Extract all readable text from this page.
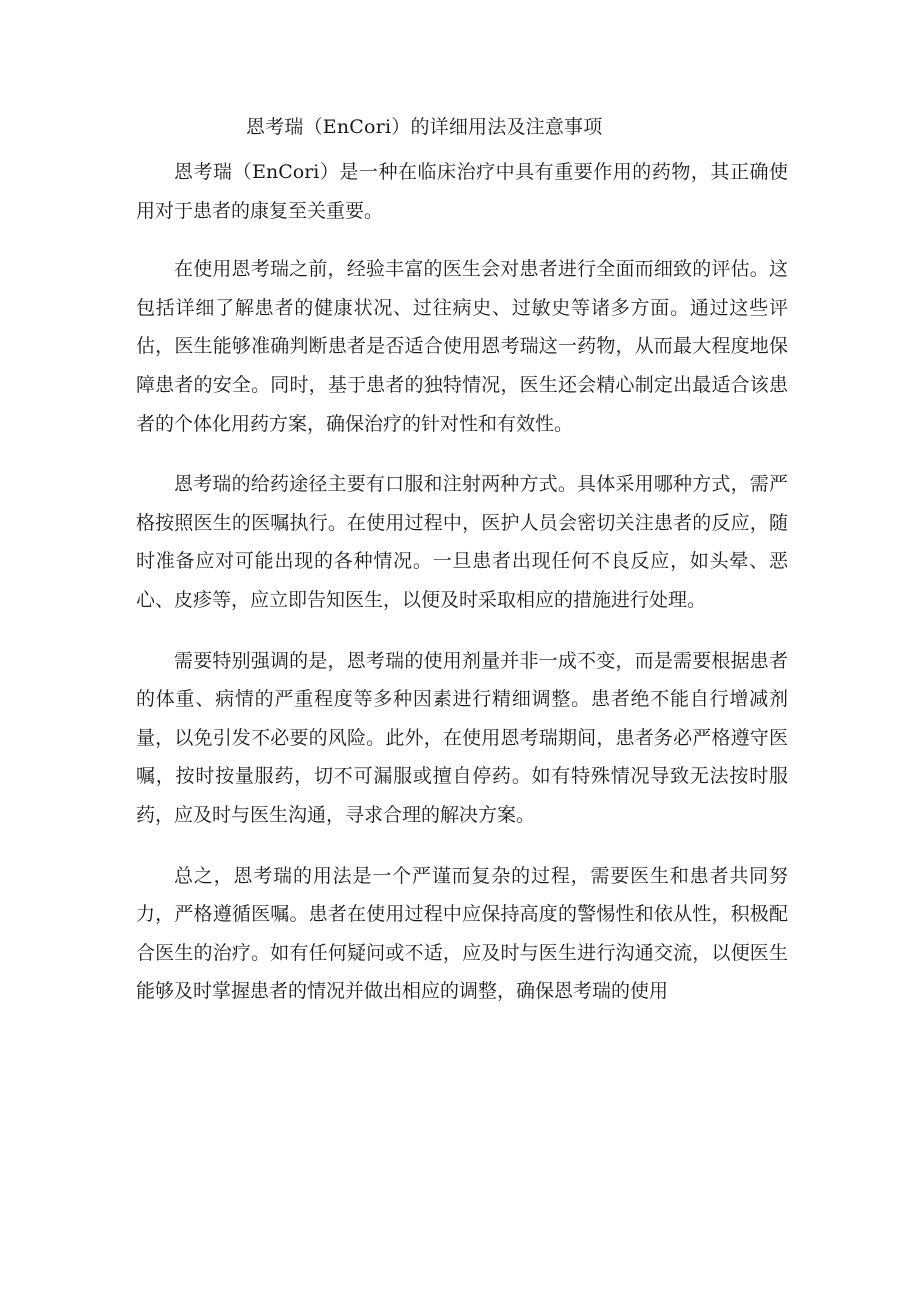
恩考瑞（EnCori）的详细用法及注意事项

恩考瑞（EnCori）是一种在临床治疗中具有重要作用的药物，其正确使用对于患者的康复至关重要。

在使用恩考瑞之前，经验丰富的医生会对患者进行全面而细致的评估。这包括详细了解患者的健康状况、过往病史、过敏史等诸多方面。通过这些评估，医生能够准确判断患者是否适合使用恩考瑞这一药物，从而最大程度地保障患者的安全。同时，基于患者的独特情况，医生还会精心制定出最适合该患者的个体化用药方案，确保治疗的针对性和有效性。

恩考瑞的给药途径主要有口服和注射两种方式。具体采用哪种方式，需严格按照医生的医嘱执行。在使用过程中，医护人员会密切关注患者的反应，随时准备应对可能出现的各种情况。一旦患者出现任何不良反应，如头晕、恶心、皮疹等，应立即告知医生，以便及时采取相应的措施进行处理。

需要特别强调的是，恩考瑞的使用剂量并非一成不变，而是需要根据患者的体重、病情的严重程度等多种因素进行精细调整。患者绝不能自行增减剂量，以免引发不必要的风险。此外，在使用恩考瑞期间，患者务必严格遵守医嘱，按时按量服药，切不可漏服或擅自停药。如有特殊情况导致无法按时服药，应及时与医生沟通，寻求合理的解决方案。

总之，恩考瑞的用法是一个严谨而复杂的过程，需要医生和患者共同努力，严格遵循医嘱。患者在使用过程中应保持高度的警惕性和依从性，积极配合医生的治疗。如有任何疑问或不适，应及时与医生进行沟通交流，以便医生能够及时掌握患者的情况并做出相应的调整，确保恩考瑞的使用
